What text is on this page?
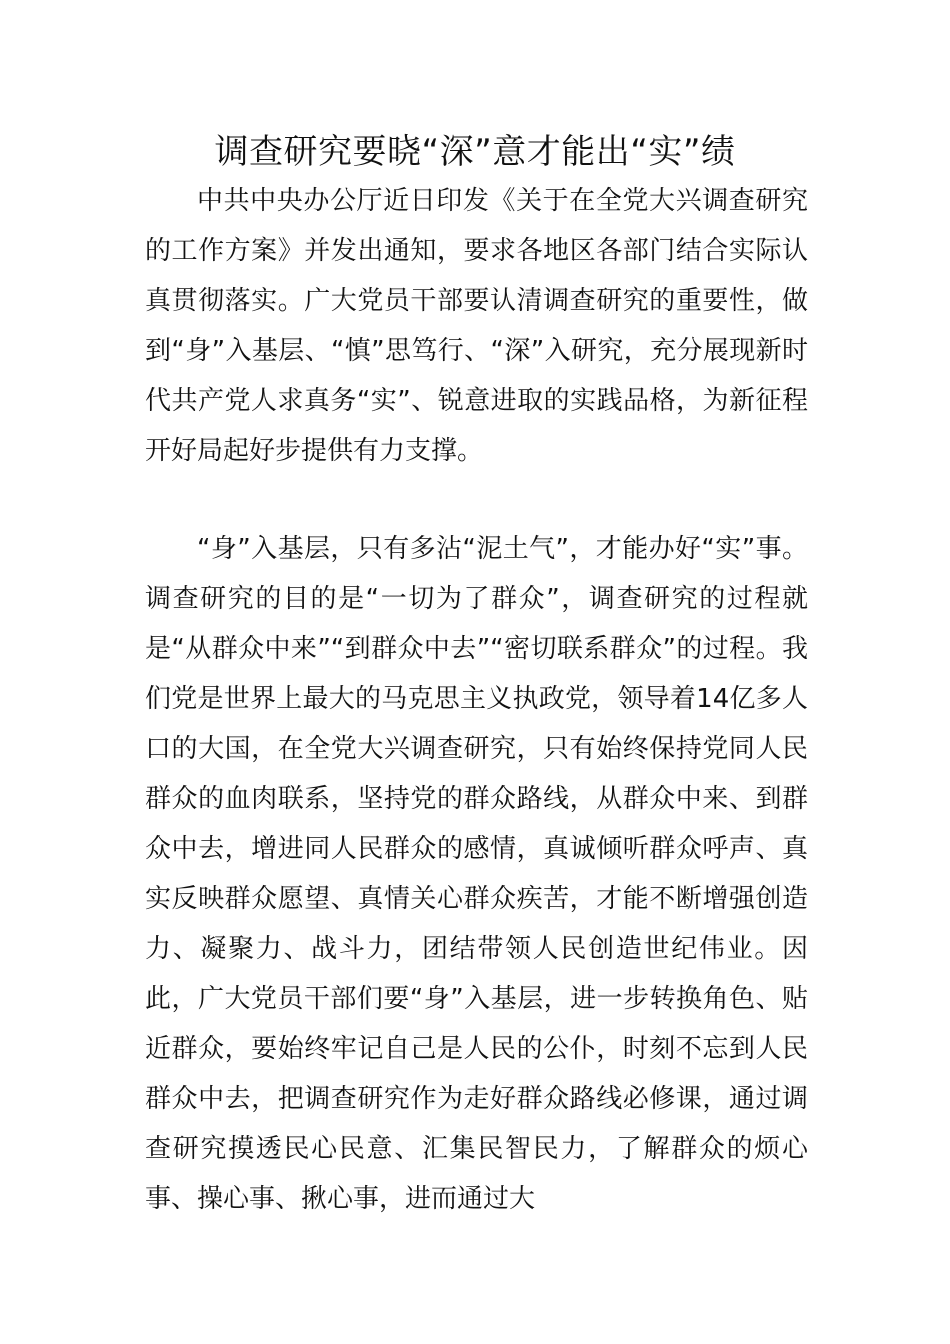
调查研究要晓“深”意才能出“实”绩

中共中央办公厅近日印发《关于在全党大兴调查研究的工作方案》并发出通知，要求各地区各部门结合实际认真贯彻落实。广大党员干部要认清调查研究的重要性，做到“身”入基层、“慎”思笃行、“深”入研究，充分展现新时代共产党人求真务“实”、锐意进取的实践品格，为新征程开好局起好步提供有力支撑。

“身”入基层，只有多沾“泥土气”，才能办好“实”事。调查研究的目的是“一切为了群众”，调查研究的过程就是“从群众中来”“到群众中去”“密切联系群众”的过程。我们党是世界上最大的马克思主义执政党，领导着14亿多人口的大国，在全党大兴调查研究，只有始终保持党同人民群众的血肉联系，坚持党的群众路线，从群众中来、到群众中去，增进同人民群众的感情，真诚倾听群众呼声、真实反映群众愿望、真情关心群众疾苦，才能不断增强创造力、凝聚力、战斗力，团结带领人民创造世纪伟业。因此，广大党员干部们要“身”入基层，进一步转换角色、贴近群众，要始终牢记自己是人民的公仆，时刻不忘到人民群众中去，把调查研究作为走好群众路线必修课，通过调查研究摸透民心民意、汇集民智民力，了解群众的烦心事、操心事、揪心事，进而通过大
